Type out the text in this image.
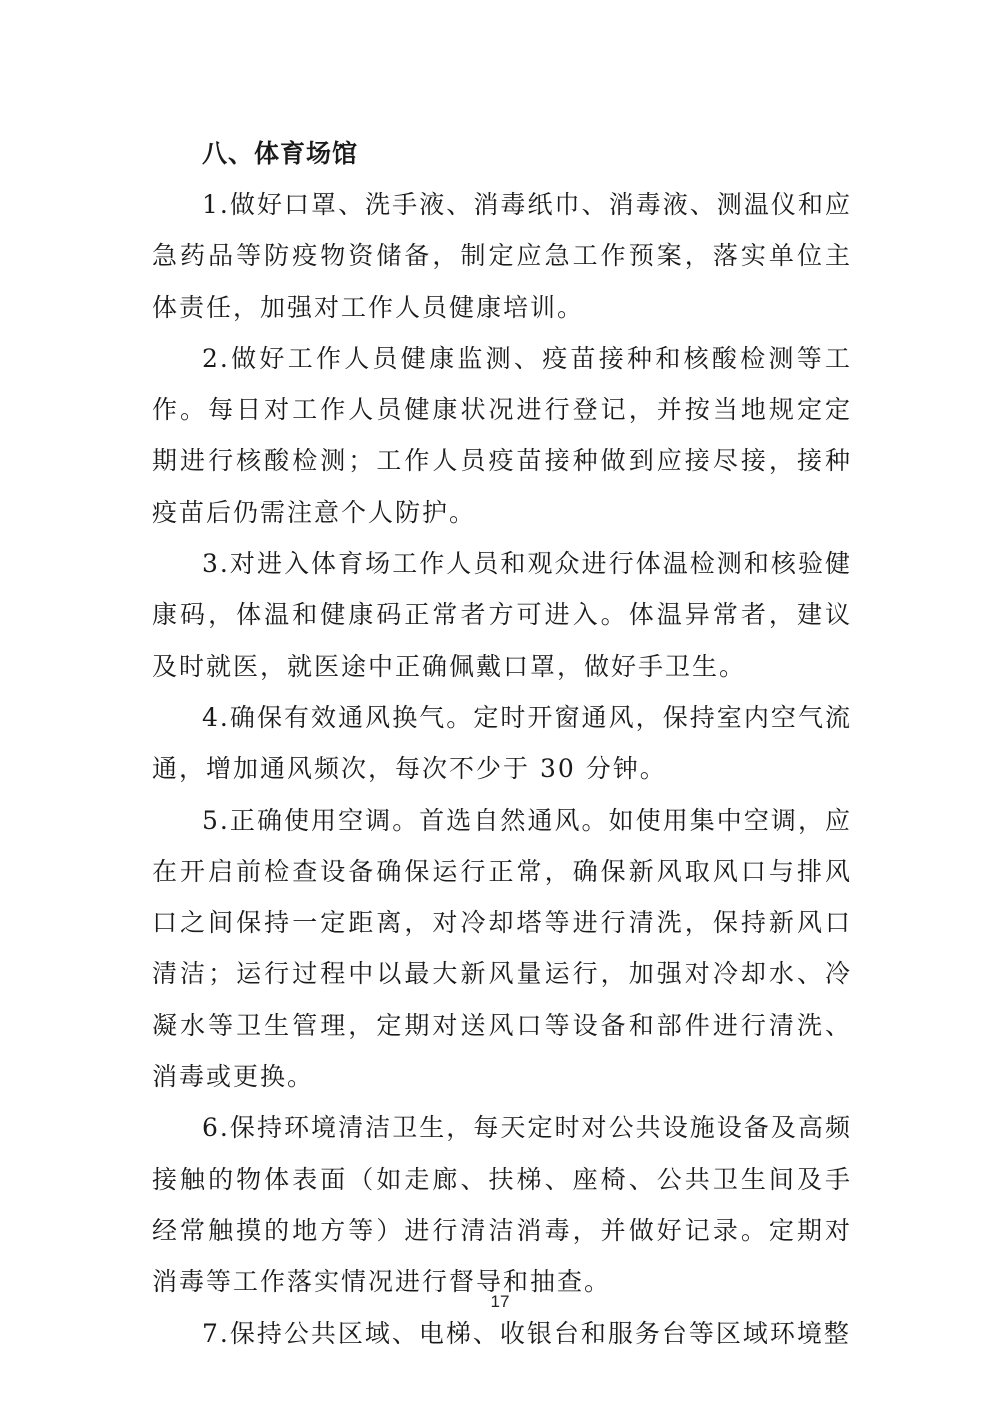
八、体育场馆

1.做好口罩、洗手液、消毒纸巾、消毒液、测温仪和应急药品等防疫物资储备，制定应急工作预案，落实单位主体责任，加强对工作人员健康培训。

2.做好工作人员健康监测、疫苗接种和核酸检测等工作。每日对工作人员健康状况进行登记，并按当地规定定期进行核酸检测；工作人员疫苗接种做到应接尽接，接种疫苗后仍需注意个人防护。

3.对进入体育场工作人员和观众进行体温检测和核验健康码，体温和健康码正常者方可进入。体温异常者，建议及时就医，就医途中正确佩戴口罩，做好手卫生。

4.确保有效通风换气。定时开窗通风，保持室内空气流通，增加通风频次，每次不少于 30 分钟。

5.正确使用空调。首选自然通风。如使用集中空调，应在开启前检查设备确保运行正常，确保新风取风口与排风口之间保持一定距离，对冷却塔等进行清洗，保持新风口清洁；运行过程中以最大新风量运行，加强对冷却水、冷凝水等卫生管理，定期对送风口等设备和部件进行清洗、消毒或更换。

6.保持环境清洁卫生，每天定时对公共设施设备及高频接触的物体表面（如走廊、扶梯、座椅、公共卫生间及手经常触摸的地方等）进行清洁消毒，并做好记录。定期对消毒等工作落实情况进行督导和抽查。

7.保持公共区域、电梯、收银台和服务台等区域环境整

17
